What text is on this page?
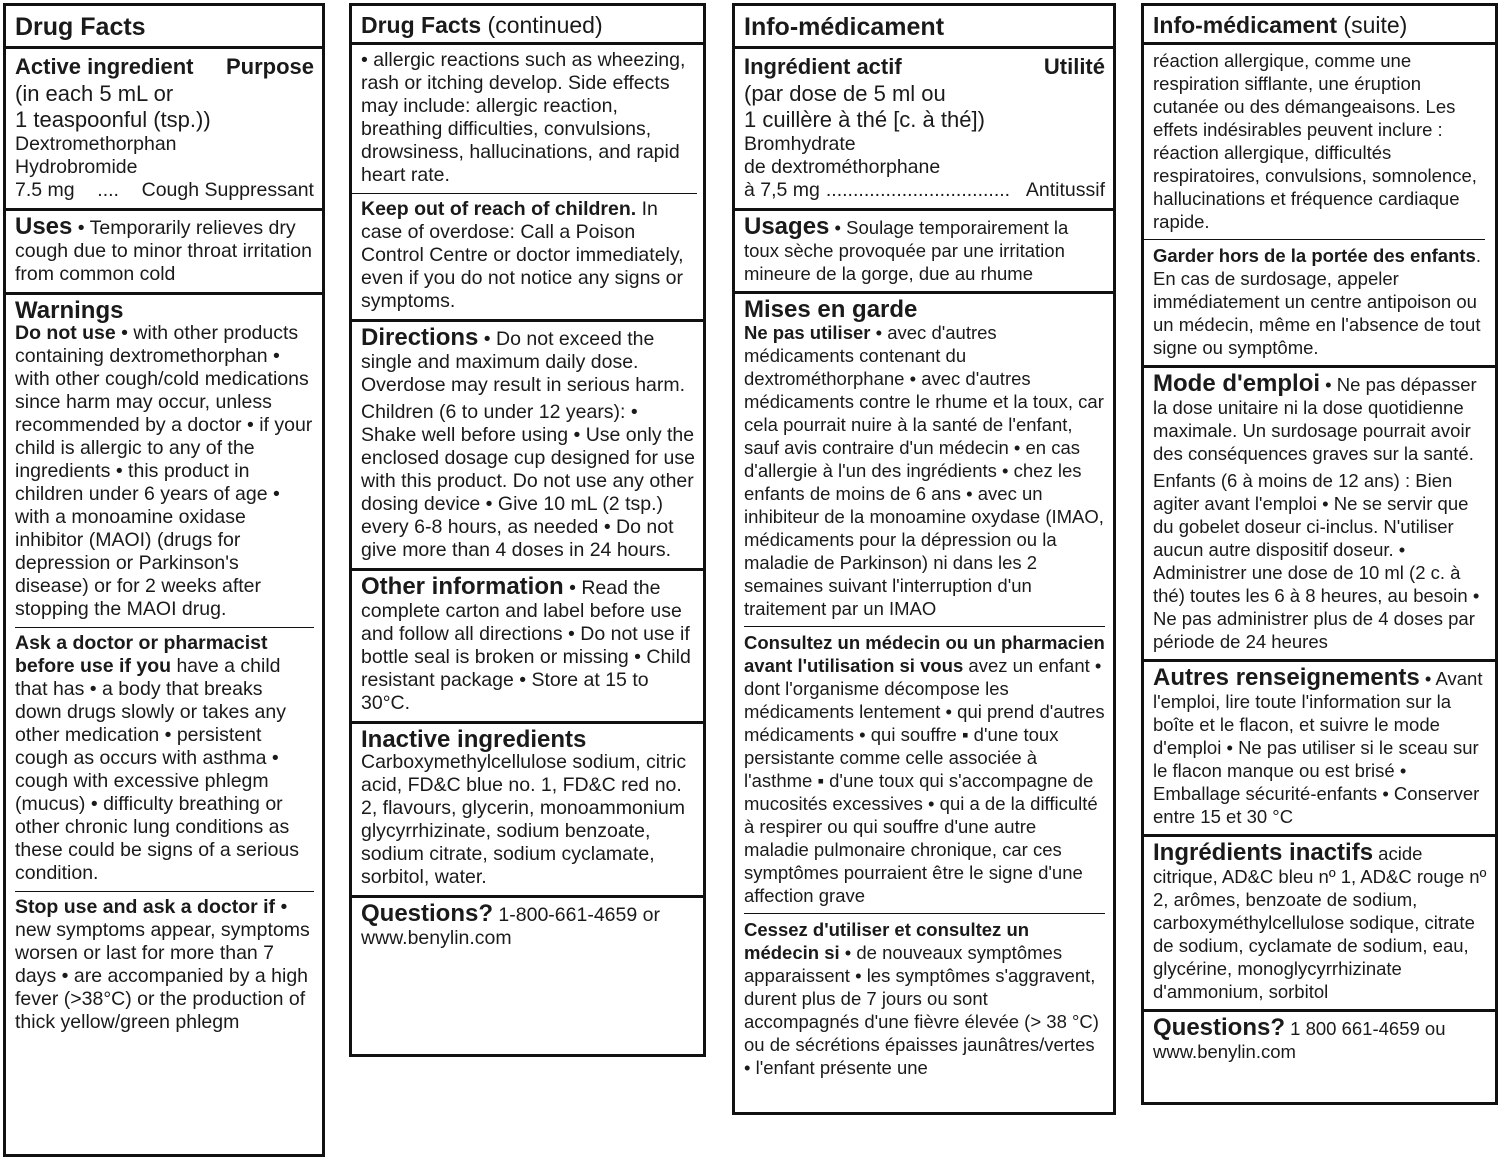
Drug Facts
Active ingredient Purpose
(in each 5 mL or
1 teaspoonful (tsp.))
Dextromethorphan
Hydrobromide
7.5 mg .... Cough Suppressant
Uses • Temporarily relieves dry cough due to minor throat irritation from common cold
Warnings

Do not use • with other products containing dextromethorphan • with other cough/cold medications since harm may occur, unless recommended by a doctor • if your child is allergic to any of the ingredients • this product in children under 6 years of age • with a monoamine oxidase inhibitor (MAOI) (drugs for depression or Parkinson's disease) or for 2 weeks after stopping the MAOI drug.

Ask a doctor or pharmacist before use if you have a child that has • a body that breaks down drugs slowly or takes any other medication • persistent cough as occurs with asthma • cough with excessive phlegm (mucus) • difficulty breathing or other chronic lung conditions as these could be signs of a serious condition.

Stop use and ask a doctor if • new symptoms appear, symptoms worsen or last for more than 7 days • are accompanied by a high fever (>38°C) or the production of thick yellow/green phlegm

Drug Facts (continued)

• allergic reactions such as wheezing, rash or itching develop. Side effects may include: allergic reaction, breathing difficulties, convulsions, drowsiness, hallucinations, and rapid heart rate.

Keep out of reach of children. In case of overdose: Call a Poison Control Centre or doctor immediately, even if you do not notice any signs or symptoms.

Directions • Do not exceed the single and maximum daily dose. Overdose may result in serious harm.

Children (6 to under 12 years): • Shake well before using • Use only the enclosed dosage cup designed for use with this product. Do not use any other dosing device • Give 10 mL (2 tsp.) every 6-8 hours, as needed • Do not give more than 4 doses in 24 hours.

Other information • Read the complete carton and label before use and follow all directions • Do not use if bottle seal is broken or missing • Child resistant package • Store at 15 to 30°C.
Inactive ingredients

Carboxymethylcellulose sodium, citric acid, FD&C blue no. 1, FD&C red no. 2, flavours, glycerin, monoammonium glycyrrhizinate, sodium benzoate, sodium citrate, sodium cyclamate, sorbitol, water.

Questions? 1-800-661-4659 or www.benylin.com
Info-médicament
Ingrédient actif	Utilité
(par dose de 5 ml ou
1 cuillère à thé [c. à thé])
Bromhydrate
de dextrométhorphane
à 7,5 mg .................................. Antitussif
Usages • Soulage temporairement la toux sèche provoquée par une irritation mineure de la gorge, due au rhume
Mises en garde

Ne pas utiliser • avec d'autres médicaments contenant du dextrométhorphane • avec d'autres médicaments contre le rhume et la toux, car cela pourrait nuire à la santé de l'enfant, sauf avis contraire d'un médecin • en cas d'allergie à l'un des ingrédients • chez les enfants de moins de 6 ans • avec un inhibiteur de la monoamine oxydase (IMAO, médicaments pour la dépression ou la maladie de Parkinson) ni dans les 2 semaines suivant l'interruption d'un traitement par un IMAO

Consultez un médecin ou un pharmacien avant l'utilisation si vous avez un enfant • dont l'organisme décompose les médicaments lentement • qui prend d'autres médicaments • qui souffre ▪ d'une toux persistante comme celle associée à l'asthme ▪ d'une toux qui s'accompagne de mucosités excessives • qui a de la difficulté à respirer ou qui souffre d'une autre maladie pulmonaire chronique, car ces symptômes pourraient être le signe d'une affection grave

Cessez d'utiliser et consultez un médecin si • de nouveaux symptômes apparaissent • les symptômes s'aggravent, durent plus de 7 jours ou sont accompagnés d'une fièvre élevée (> 38 °C) ou de sécrétions épaisses jaunâtres/vertes • l'enfant présente une

Info-médicament (suite)

réaction allergique, comme une respiration sifflante, une éruption cutanée ou des démangeaisons. Les effets indésirables peuvent inclure : réaction allergique, difficultés respiratoires, convulsions, somnolence, hallucinations et fréquence cardiaque rapide.

Garder hors de la portée des enfants. En cas de surdosage, appeler immédiatement un centre antipoison ou un médecin, même en l'absence de tout signe ou symptôme.

Mode d'emploi • Ne pas dépasser la dose unitaire ni la dose quotidienne maximale. Un surdosage pourrait avoir des conséquences graves sur la santé.

Enfants (6 à moins de 12 ans) : Bien agiter avant l'emploi • Ne se servir que du gobelet doseur ci-inclus. N'utiliser aucun autre dispositif doseur. • Administrer une dose de 10 ml (2 c. à thé) toutes les 6 à 8 heures, au besoin • Ne pas administrer plus de 4 doses par période de 24 heures

Autres renseignements • Avant l'emploi, lire toute l'information sur la boîte et le flacon, et suivre le mode d'emploi • Ne pas utiliser si le sceau sur le flacon manque ou est brisé • Emballage sécurité-enfants • Conserver entre 15 et 30 °C
Ingrédients inactifs acide citrique, AD&C bleu nº 1, AD&C rouge nº 2, arômes, benzoate de sodium, carboxyméthylcellulose sodique, citrate de sodium, cyclamate de sodium, eau, glycérine, monoglycyrrhizinate d'ammonium, sorbitol
Questions? 1 800 661-4659 ou www.benylin.com
